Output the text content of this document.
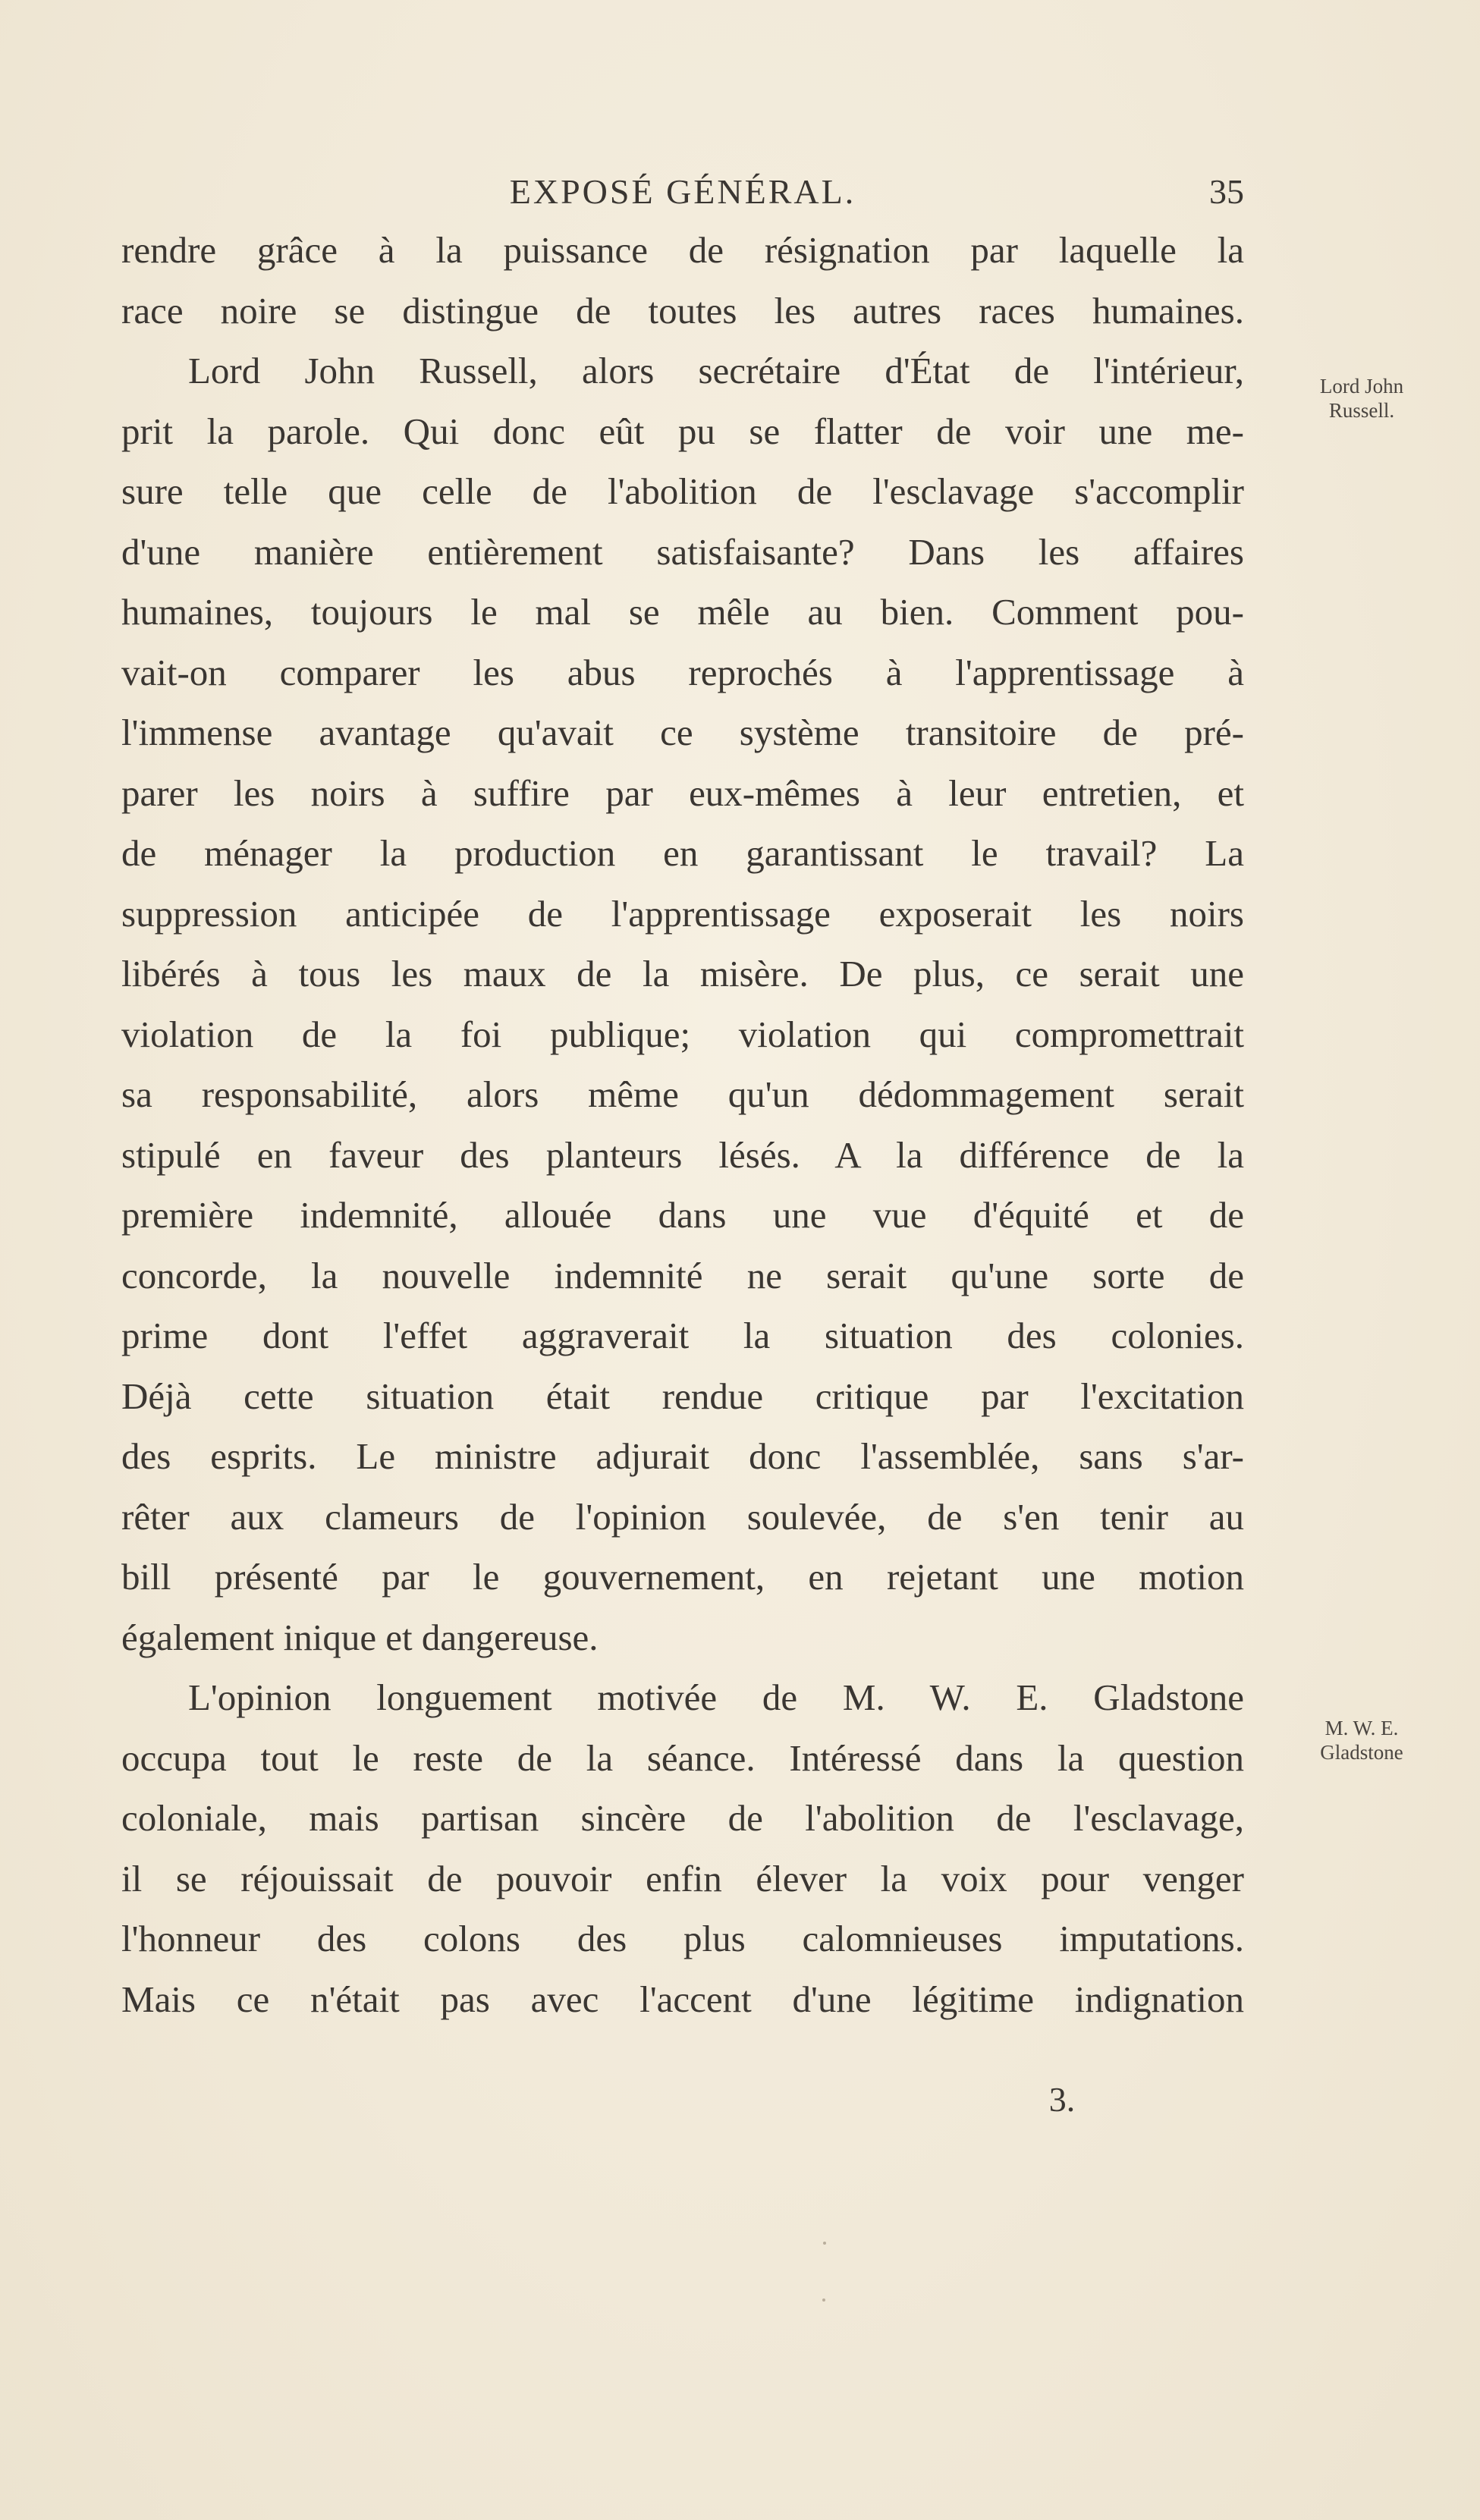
EXPOSÉ GÉNÉRAL.	35
rendre grâce à la puissance de résignation par laquelle la
race noire se distingue de toutes les autres races humaines.
Lord John Russell, alors secrétaire d'État de l'intérieur,
prit la parole. Qui donc eût pu se flatter de voir une me-
sure telle que celle de l'abolition de l'esclavage s'accomplir
d'une manière entièrement satisfaisante? Dans les affaires
humaines, toujours le mal se mêle au bien. Comment pou-
vait-on comparer les abus reprochés à l'apprentissage à
l'immense avantage qu'avait ce système transitoire de pré-
parer les noirs à suffire par eux-mêmes à leur entretien, et
de ménager la production en garantissant le travail? La
suppression anticipée de l'apprentissage exposerait les noirs
libérés à tous les maux de la misère. De plus, ce serait une
violation de la foi publique; violation qui compromettrait
sa responsabilité, alors même qu'un dédommagement serait
stipulé en faveur des planteurs lésés. A la différence de la
première indemnité, allouée dans une vue d'équité et de
concorde, la nouvelle indemnité ne serait qu'une sorte de
prime dont l'effet aggraverait la situation des colonies.
Déjà cette situation était rendue critique par l'excitation
des esprits. Le ministre adjurait donc l'assemblée, sans s'ar-
rêter aux clameurs de l'opinion soulevée, de s'en tenir au
bill présenté par le gouvernement, en rejetant une motion
également inique et dangereuse.
L'opinion longuement motivée de M. W. E. Gladstone
occupa tout le reste de la séance. Intéressé dans la question
coloniale, mais partisan sincère de l'abolition de l'esclavage,
il se réjouissait de pouvoir enfin élever la voix pour venger
l'honneur des colons des plus calomnieuses imputations.
Mais ce n'était pas avec l'accent d'une légitime indignation
Lord John
Russell.
M. W. E.
Gladstone
3.
